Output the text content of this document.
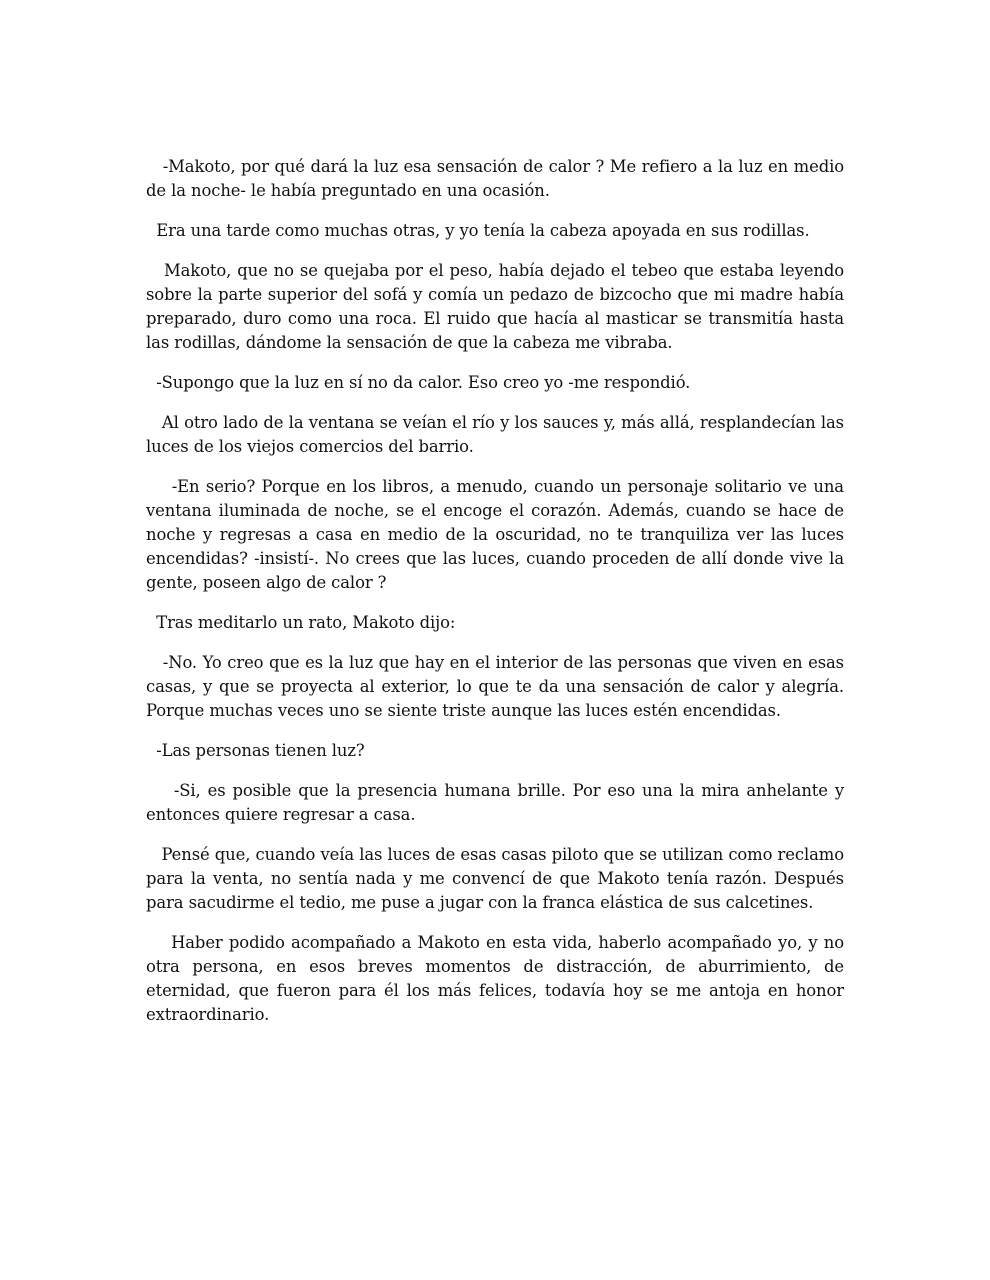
-Makoto, por qué dará la luz esa sensación de calor ? Me refiero a la luz en medio de la noche- le había preguntado en una ocasión.

Era una tarde como muchas otras, y yo tenía la cabeza apoyada en sus rodillas.

Makoto, que no se quejaba por el peso, había dejado el tebeo que estaba leyendo sobre la parte superior del sofá y comía un pedazo de bizcocho que mi madre había preparado, duro como una roca. El ruido que hacía al masticar se transmitía hasta las rodillas, dándome la sensación de que la cabeza me vibraba.

-Supongo que la luz en sí no da calor. Eso creo yo -me respondió.

Al otro lado de la ventana se veían el río y los sauces y, más allá, resplandecían las luces de los viejos comercios del barrio.

-En serio? Porque en los libros, a menudo, cuando un personaje solitario ve una ventana iluminada de noche, se el encoge el corazón. Además, cuando se hace de noche y regresas a casa en medio de la oscuridad, no te tranquiliza ver las luces encendidas? -insistí-. No crees que las luces, cuando proceden de allí donde vive la gente, poseen algo de calor ?

Tras meditarlo un rato, Makoto dijo:

-No. Yo creo que es la luz que hay en el interior de las personas que viven en esas casas, y que se proyecta al exterior, lo que te da una sensación de calor y alegría. Porque muchas veces uno se siente triste aunque las luces estén encendidas.

-Las personas tienen luz?

-Si, es posible que la presencia humana brille. Por eso una la mira anhelante y entonces quiere regresar a casa.

Pensé que, cuando veía las luces de esas casas piloto que se utilizan como reclamo para la venta, no sentía nada y me convencí de que Makoto tenía razón. Después para sacudirme el tedio, me puse a jugar con la franca elástica de sus calcetines.

Haber podido acompañado a Makoto en esta vida, haberlo acompañado yo, y no otra persona, en esos breves momentos de distracción, de aburrimiento, de eternidad, que fueron para él los más felices, todavía hoy se me antoja en honor extraordinario.
